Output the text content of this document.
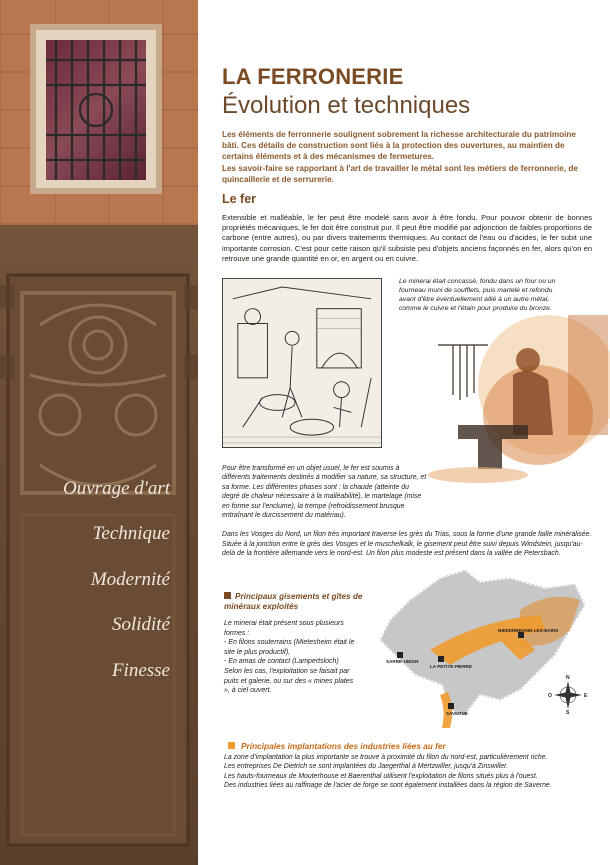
Ouvrage d'art
Technique
Modernité
Solidité
Finesse
LA FERRONERIE
Évolution et techniques

Les éléments de ferronnerie soulignent sobrement la richesse architecturale du patrimoine bâti. Ces détails de construction sont liés à la protection des ouvertures, au maintien de certains éléments et à des mécanismes de fermetures.

Les savoir-faire se rapportant à l'art de travailler le métal sont les métiers de ferronnerie, de quincaillerie et de serrurerie.

Le fer
Extensible et malléable, le fer peut être modelé sans avoir à être fondu. Pour pouvoir obtenir de bonnes propriétés mécaniques, le fer doit être construit pur. Il peut être modifié par adjonction de faibles proportions de carbone (entre autres), ou par divers traitements thermiques. Au contact de l'eau ou d'acides, le fer subit une importante corrosion. C'est pour cette raison qu'il subsiste peu d'objets anciens façonnés en fer, alors qu'on en retrouve une grande quantité en or, en argent ou en cuivre.
Le minerai était concassé, fondu dans un four ou un fourneau muni de soufflets, puis martelé et refondu avant d'être éventuellement allié à un autre métal, comme le cuivre et l'étain pour produire du bronze.
Pour être transformé en un objet usuel, le fer est soumis à différents traitements destinés à modifier sa nature, sa structure, et sa forme. Les différentes phases sont : la chaude (atteinte du degré de chaleur nécessaire à la malléabilité), le martelage (mise en forme sur l'enclume), la trempe (refroidissement brusque entraînant le durcissement du matériau).
Dans les Vosges du Nord, un filon très important traverse les grès du Trias, sous la forme d'une grande faille minéralisée. Située à la jonction entre le grès des Vosges et le muschelkalk, le gisement peut être suivi depuis Windstein, jusqu'au-delà de la frontière allemande vers le nord-est. Un filon plus modeste est présent dans la vallée de Petersbach.
Principaux gisements et gîtes de minéraux exploités

Le minerai était présent sous plusieurs formes :

- En filons souterrains (Mietesheim était le site le plus productif),

- En amas de contact (Lampertsloch)

Selon les cas, l'exploitation se faisait par puits et galerie, ou sur des « mines plates », à ciel ouvert.

SARRE-UNION
LA PETITE-PIERRE
NIEDERBRONN-LES-BAINS
SAVERNE
N
S
E
O
Principales implantations des industries liées au fer

La zone d'implantation la plus importante se trouve à proximité du filon du nord-est, particulièrement riche.

Les entreprises De Dietrich se sont implantées du Jaegerthal à Mertzwiller, jusqu'à Zinswiller.

Les hauts-fourneaux de Mouterhouse et Baerenthal utilisent l'exploitation de filons situés plus à l'ouest.

Des industries liées au raffinage de l'acier de forge se sont également installées dans la région de Saverne.
